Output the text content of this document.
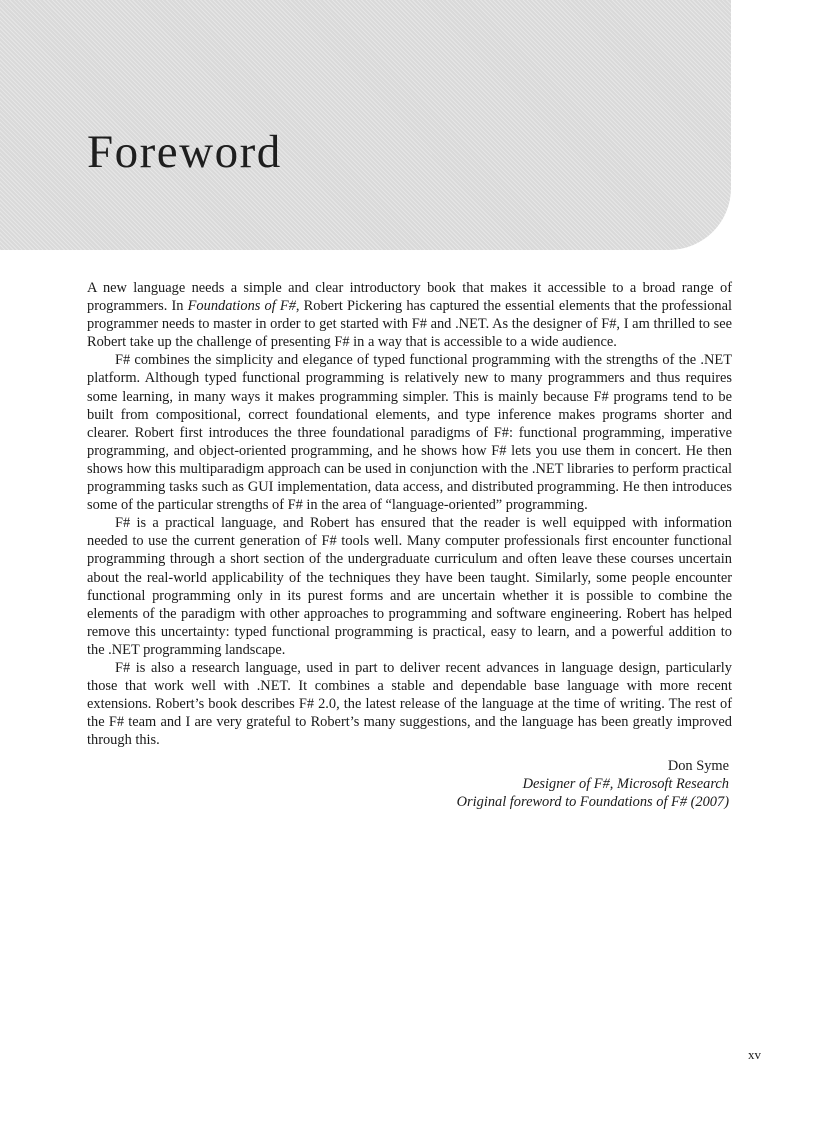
Foreword

A new language needs a simple and clear introductory book that makes it accessible to a broad range of programmers. In Foundations of F#, Robert Pickering has captured the essential elements that the professional programmer needs to master in order to get started with F# and .NET. As the designer of F#, I am thrilled to see Robert take up the challenge of presenting F# in a way that is accessible to a wide audience.

F# combines the simplicity and elegance of typed functional programming with the strengths of the .NET platform. Although typed functional programming is relatively new to many programmers and thus requires some learning, in many ways it makes programming simpler. This is mainly because F# programs tend to be built from compositional, correct foundational elements, and type inference makes programs shorter and clearer. Robert first introduces the three foundational paradigms of F#: functional programming, imperative programming, and object-oriented programming, and he shows how F# lets you use them in concert. He then shows how this multiparadigm approach can be used in conjunction with the .NET libraries to perform practical programming tasks such as GUI implementation, data access, and distributed programming. He then introduces some of the particular strengths of F# in the area of “language-oriented” programming.

F# is a practical language, and Robert has ensured that the reader is well equipped with information needed to use the current generation of F# tools well. Many computer professionals first encounter functional programming through a short section of the undergraduate curriculum and often leave these courses uncertain about the real-world applicability of the techniques they have been taught. Similarly, some people encounter functional programming only in its purest forms and are uncertain whether it is possible to combine the elements of the paradigm with other approaches to programming and software engineering. Robert has helped remove this uncertainty: typed functional programming is practical, easy to learn, and a powerful addition to the .NET programming landscape.

F# is also a research language, used in part to deliver recent advances in language design, particularly those that work well with .NET. It combines a stable and dependable base language with more recent extensions. Robert’s book describes F# 2.0, the latest release of the language at the time of writing. The rest of the F# team and I are very grateful to Robert’s many suggestions, and the language has been greatly improved through this.

Don Syme
Designer of F#, Microsoft Research
Original foreword to Foundations of F# (2007)
xv
